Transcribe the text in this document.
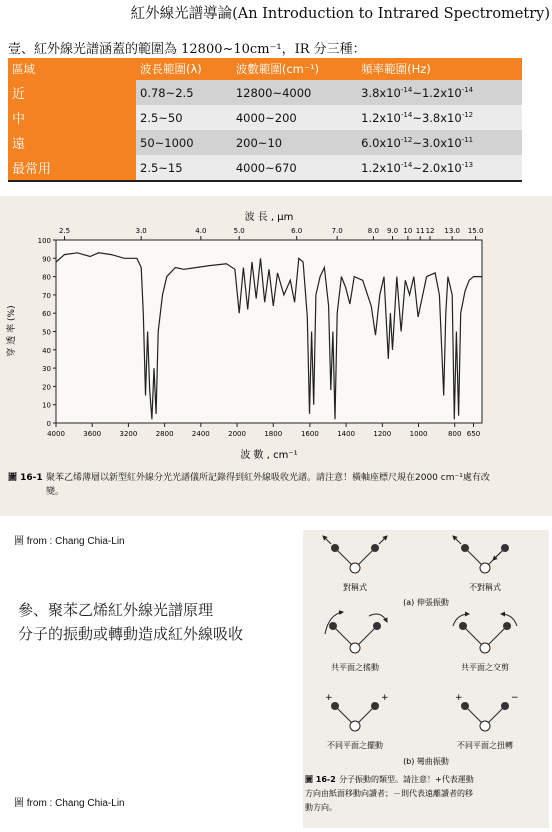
紅外線光譜導論(An Introduction to Intrared Spectrometry)
壹、紅外線光譜涵蓋的範圍為 12800~10cm⁻¹，IR 分三種：
區域	波長範圍(λ)	波數範圍(cm⁻¹)	頻率範圍(Hz)
近	0.78~2.5	12800~4000	$3.8x10^{-14}\sim 1.2x10^{-14}$
中	2.5~50	4000~200	$1.2x10^{-14}\sim 3.8x10^{-12}$
遠	50~1000	200~10	$6.0x10^{-12}\sim 3.0x10^{-11}$
最常用	2.5~15	4000~670	$1.2x10^{-14}\sim 2.0x10^{-13}$
100
90
80
70
60
50
40
30
20
10
0
2.5	3.0	4.0	5.0	6.0	7.0	8.0 9.0 10 11 12 13.0 15.0
4000	3600	3200	2800	2400	2000	1800	1600	1400	1200	1000	800 650
波 長 , μm
波 數 , cm⁻¹
穿 透 率 (%)
圖 16-1 聚苯乙烯薄層以新型紅外線分光光譜儀所記錄得到紅外線吸收光譜。請注意！橫軸座標尺規在2000 cm⁻¹處有改變。
圖 from : Chang Chia-Lin
參、聚苯乙烯紅外線光譜原理
分子的振動或轉動造成紅外線吸收
圖 from : Chang Chia-Lin
對稱式	不對稱式
(a) 伸張振動
共平面之搖動	共平面之交剪
+	+
不同平面之擺動
+	−
不同平面之扭轉
(b) 彎曲振動
圖 16-2 分子振動的類型。請注意！+代表運動
方向由紙面移動向讀者；－則代表遠離讀者的移
動方向。
